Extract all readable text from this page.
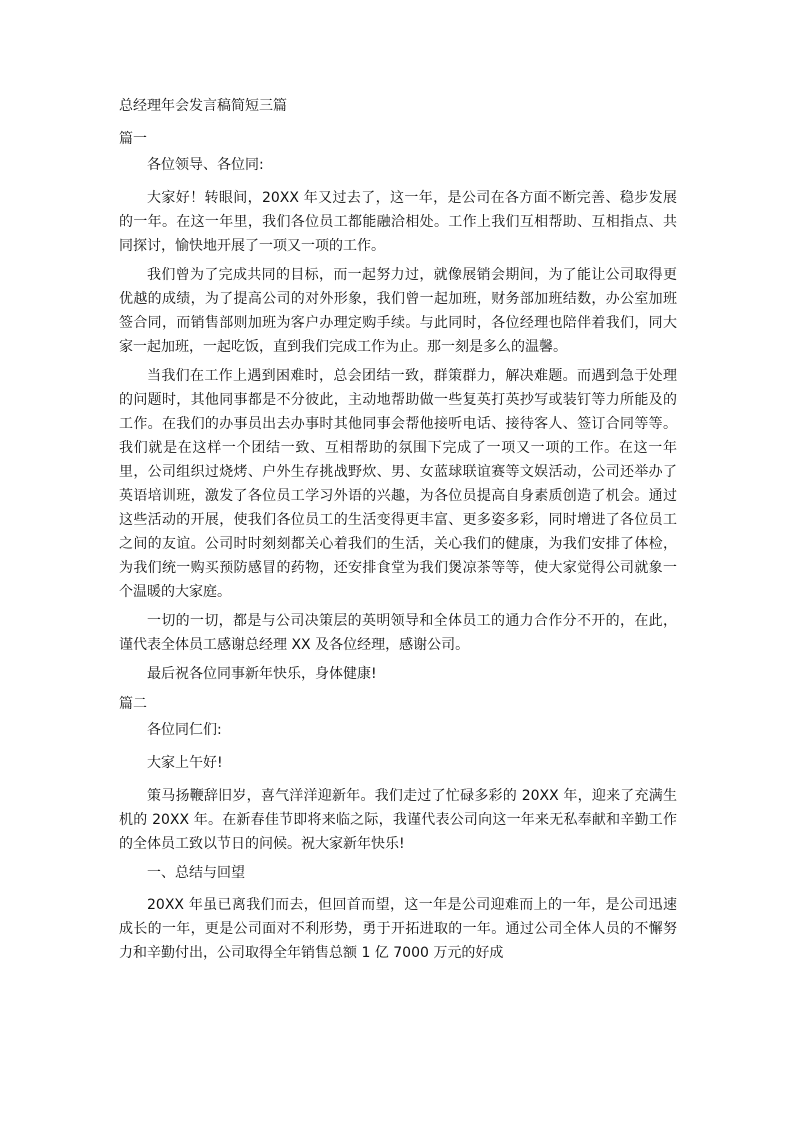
总经理年会发言稿简短三篇
篇一

各位领导、各位同:

大家好！转眼间，20XX 年又过去了，这一年，是公司在各方面不断完善、稳步发展的一年。在这一年里，我们各位员工都能融洽相处。工作上我们互相帮助、互相指点、共同探讨，愉快地开展了一项又一项的工作。

我们曾为了完成共同的目标，而一起努力过，就像展销会期间，为了能让公司取得更优越的成绩，为了提高公司的对外形象，我们曾一起加班，财务部加班结数，办公室加班签合同，而销售部则加班为客户办理定购手续。与此同时，各位经理也陪伴着我们，同大家一起加班，一起吃饭，直到我们完成工作为止。那一刻是多么的温馨。

当我们在工作上遇到困难时，总会团结一致，群策群力，解决难题。而遇到急于处理的问题时，其他同事都是不分彼此，主动地帮助做一些复英打英抄写或装钉等力所能及的工作。在我们的办事员出去办事时其他同事会帮他接听电话、接待客人、签订合同等等。我们就是在这样一个团结一致、互相帮助的氛围下完成了一项又一项的工作。在这一年里，公司组织过烧烤、户外生存挑战野炊、男、女蓝球联谊赛等文娱活动，公司还举办了英语培训班，激发了各位员工学习外语的兴趣，为各位员提高自身素质创造了机会。通过这些活动的开展，使我们各位员工的生活变得更丰富、更多姿多彩，同时增进了各位员工之间的友谊。公司时时刻刻都关心着我们的生活，关心我们的健康，为我们安排了体检，为我们统一购买预防感冒的药物，还安排食堂为我们煲凉茶等等，使大家觉得公司就象一个温暖的大家庭。

一切的一切，都是与公司决策层的英明领导和全体员工的通力合作分不开的，在此，谨代表全体员工感谢总经理 XX 及各位经理，感谢公司。

最后祝各位同事新年快乐，身体健康!

篇二

各位同仁们:

大家上午好!

策马扬鞭辞旧岁，喜气洋洋迎新年。我们走过了忙碌多彩的 20XX 年，迎来了充满生机的 20XX 年。在新春佳节即将来临之际，我谨代表公司向这一年来无私奉献和辛勤工作的全体员工致以节日的问候。祝大家新年快乐!

一、总结与回望

20XX 年虽已离我们而去，但回首而望，这一年是公司迎难而上的一年，是公司迅速成长的一年，更是公司面对不利形势，勇于开拓进取的一年。通过公司全体人员的不懈努力和辛勤付出，公司取得全年销售总额 1 亿 7000 万元的好成
